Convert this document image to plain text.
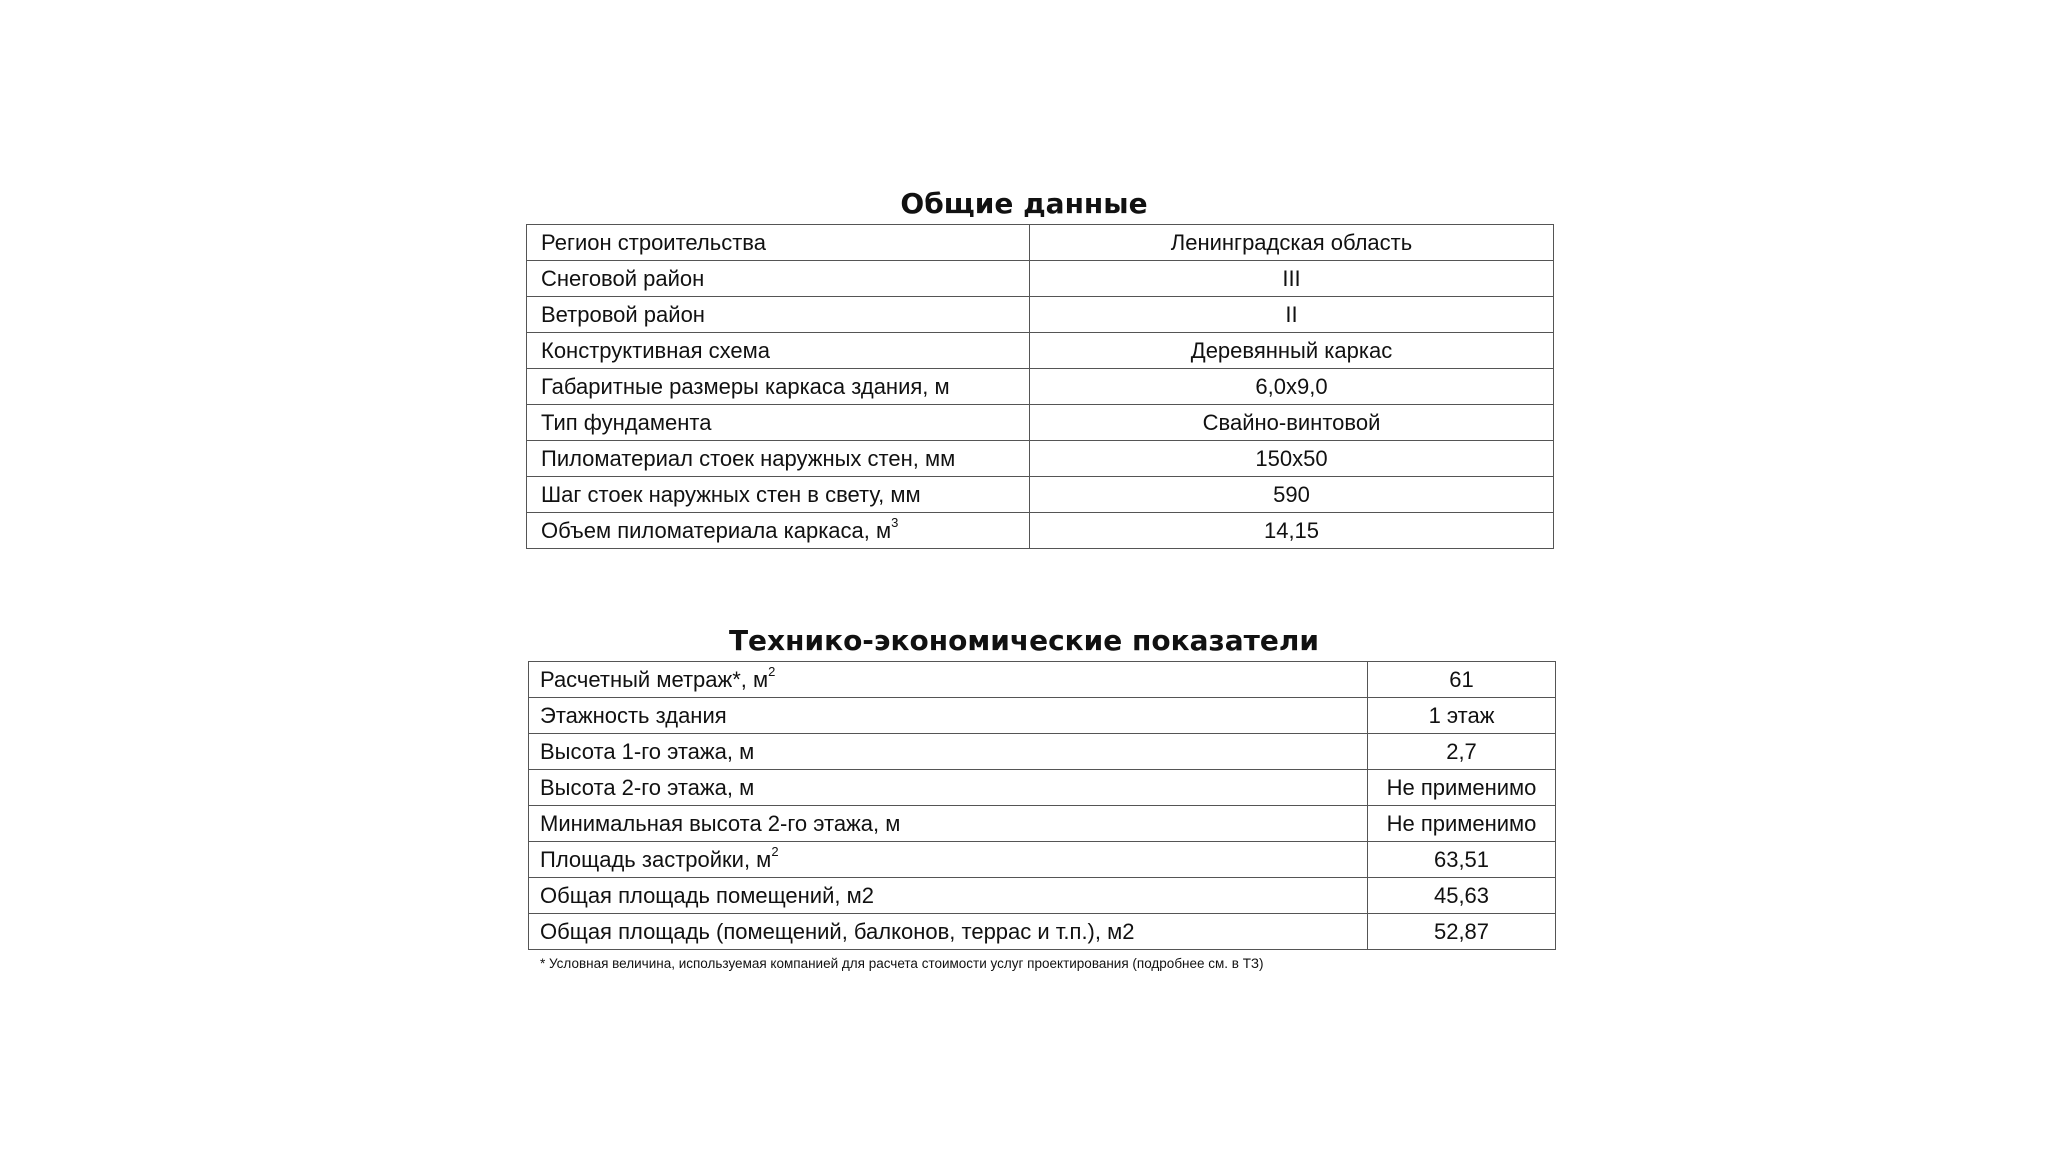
Общие данные
Регион строительства	Ленинградская область
Снеговой район	III
Ветровой район	II
Конструктивная схема	Деревянный каркас
Габаритные размеры каркаса здания, м	6,0х9,0
Тип фундамента	Свайно-винтовой
Пиломатериал стоек наружных стен, мм	150х50
Шаг стоек наружных стен в свету, мм	590
Объем пиломатериала каркаса, $м^3$	14,15
Технико-экономические показатели
Расчетный метраж*, $м^2$	61
Этажность здания	1 этаж
Высота 1-го этажа, м	2,7
Высота 2-го этажа, м	Не применимо
Минимальная высота 2-го этажа, м	Не применимо
Площадь застройки, $м^2$	63,51
Общая площадь помещений, м2	45,63
Общая площадь (помещений, балконов, террас и т.п.), м2	52,87
* Условная величина, используемая компанией для расчета стоимости услуг проектирования (подробнее см. в ТЗ)
